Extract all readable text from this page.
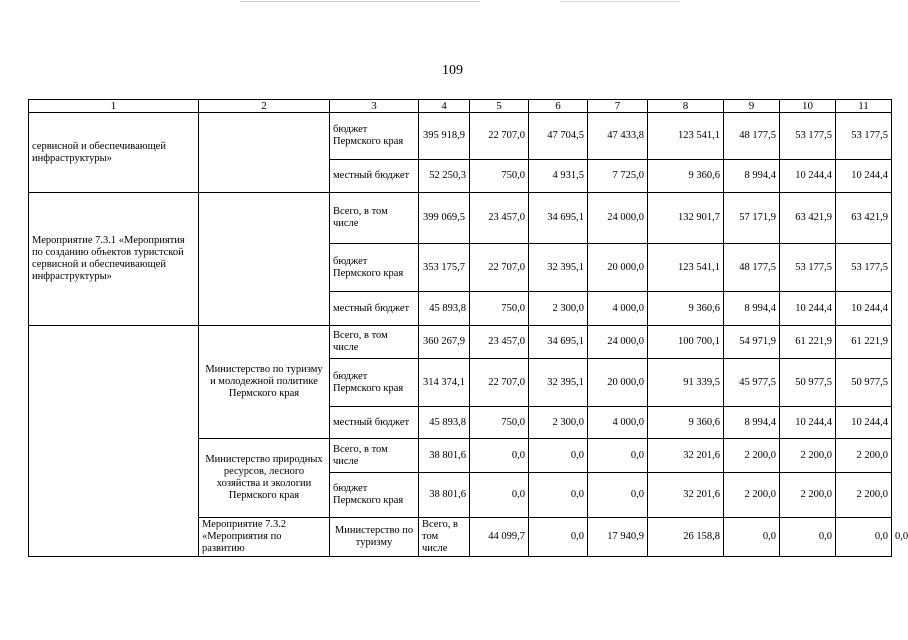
109
1	2	3	4	5	6	7	8	9	10	11	
сервисной и обеспечивающей инфраструктуры»		бюджет Пермского края	395 918,9	22 707,0	47 704,5	47 433,8	123 541,1	48 177,5	53 177,5	53 177,5	
		местный бюджет	52 250,3	750,0	4 931,5	7 725,0	9 360,6	8 994,4	10 244,4	10 244,4	
Мероприятие 7.3.1 «Мероприятия по созданию объектов туристской сервисной и обеспечивающей инфраструктуры»		Всего, в том числе	399 069,5	23 457,0	34 695,1	24 000,0	132 901,7	57 171,9	63 421,9	63 421,9	
		бюджет Пермского края	353 175,7	22 707,0	32 395,1	20 000,0	123 541,1	48 177,5	53 177,5	53 177,5	
		местный бюджет	45 893,8	750,0	2 300,0	4 000,0	9 360,6	8 994,4	10 244,4	10 244,4	
	Министерство по туризму и молодежной политике Пермского края	Всего, в том числе	360 267,9	23 457,0	34 695,1	24 000,0	100 700,1	54 971,9	61 221,9	61 221,9	
		бюджет Пермского края	314 374,1	22 707,0	32 395,1	20 000,0	91 339,5	45 977,5	50 977,5	50 977,5	
		местный бюджет	45 893,8	750,0	2 300,0	4 000,0	9 360,6	8 994,4	10 244,4	10 244,4	
	Министерство природных ресурсов, лесного хозяйства и экологии Пермского края	Всего, в том числе	38 801,6	0,0	0,0	0,0	32 201,6	2 200,0	2 200,0	2 200,0	
		бюджет Пермского края	38 801,6	0,0	0,0	0,0	32 201,6	2 200,0	2 200,0	2 200,0	
	Мероприятие 7.3.2 «Мероприятия по развитию	Министерство по туризму	Всего, в том числе	44 099,7	0,0	17 940,9	26 158,8	0,0	0,0	0,0	0,0
